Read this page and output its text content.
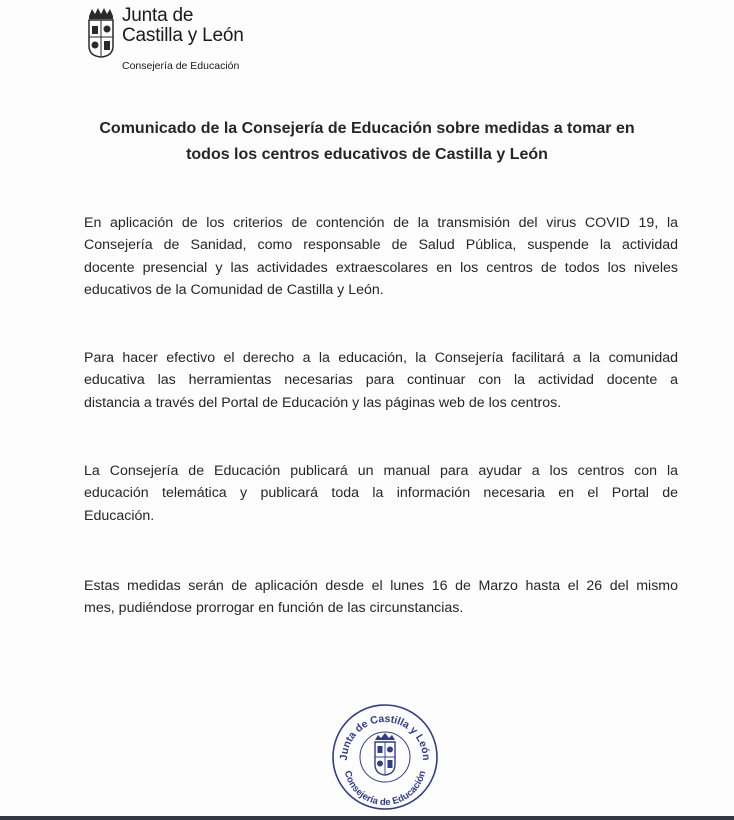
Junta de
Castilla y León
Consejería de Educación
Comunicado de la Consejería de Educación sobre medidas a tomar en
todos los centros educativos de Castilla y León
En aplicación de los criterios de contención de la transmisión del virus COVID 19, la
Consejería de Sanidad, como responsable de Salud Pública, suspende la actividad
docente presencial y las actividades extraescolares en los centros de todos los niveles
educativos de la Comunidad de Castilla y León.
Para hacer efectivo el derecho a la educación, la Consejería facilitará a la comunidad
educativa las herramientas necesarias para continuar con la actividad docente a
distancia a través del Portal de Educación y las páginas web de los centros.
La Consejería de Educación publicará un manual para ayudar a los centros con la
educación telemática y publicará toda la información necesaria en el Portal de
Educación.
Estas medidas serán de aplicación desde el lunes 16 de Marzo hasta el 26 del mismo
mes, pudiéndose prorrogar en función de las circunstancias.
Junta de Castilla y León
Consejería de Educación
